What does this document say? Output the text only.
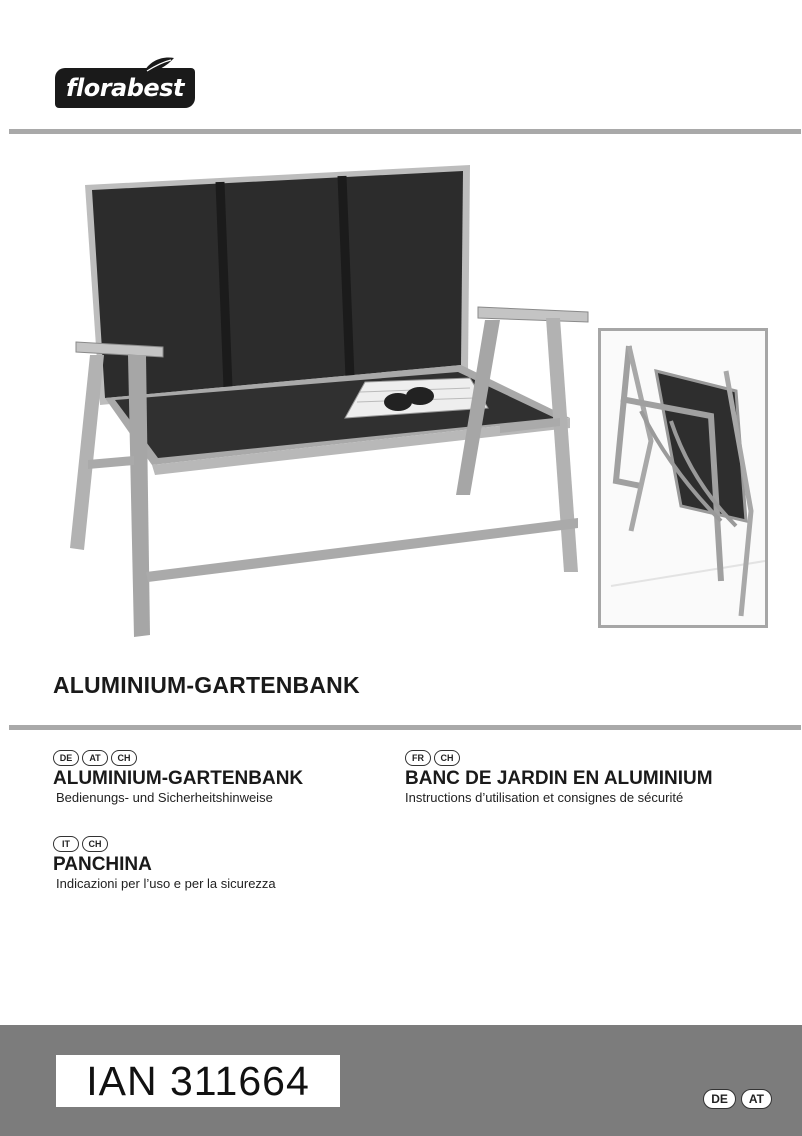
florabest
ALUMINIUM-GARTENBANK
DE	AT	CH
ALUMINIUM-GARTENBANK
Bedienungs- und Sicherheitshinweise
FR	CH
BANC DE JARDIN EN ALUMINIUM
Instructions d’utilisation et consignes de sécurité
IT	CH
PANCHINA
Indicazioni per l’uso e per la sicurezza
IAN 311664	DE	AT
